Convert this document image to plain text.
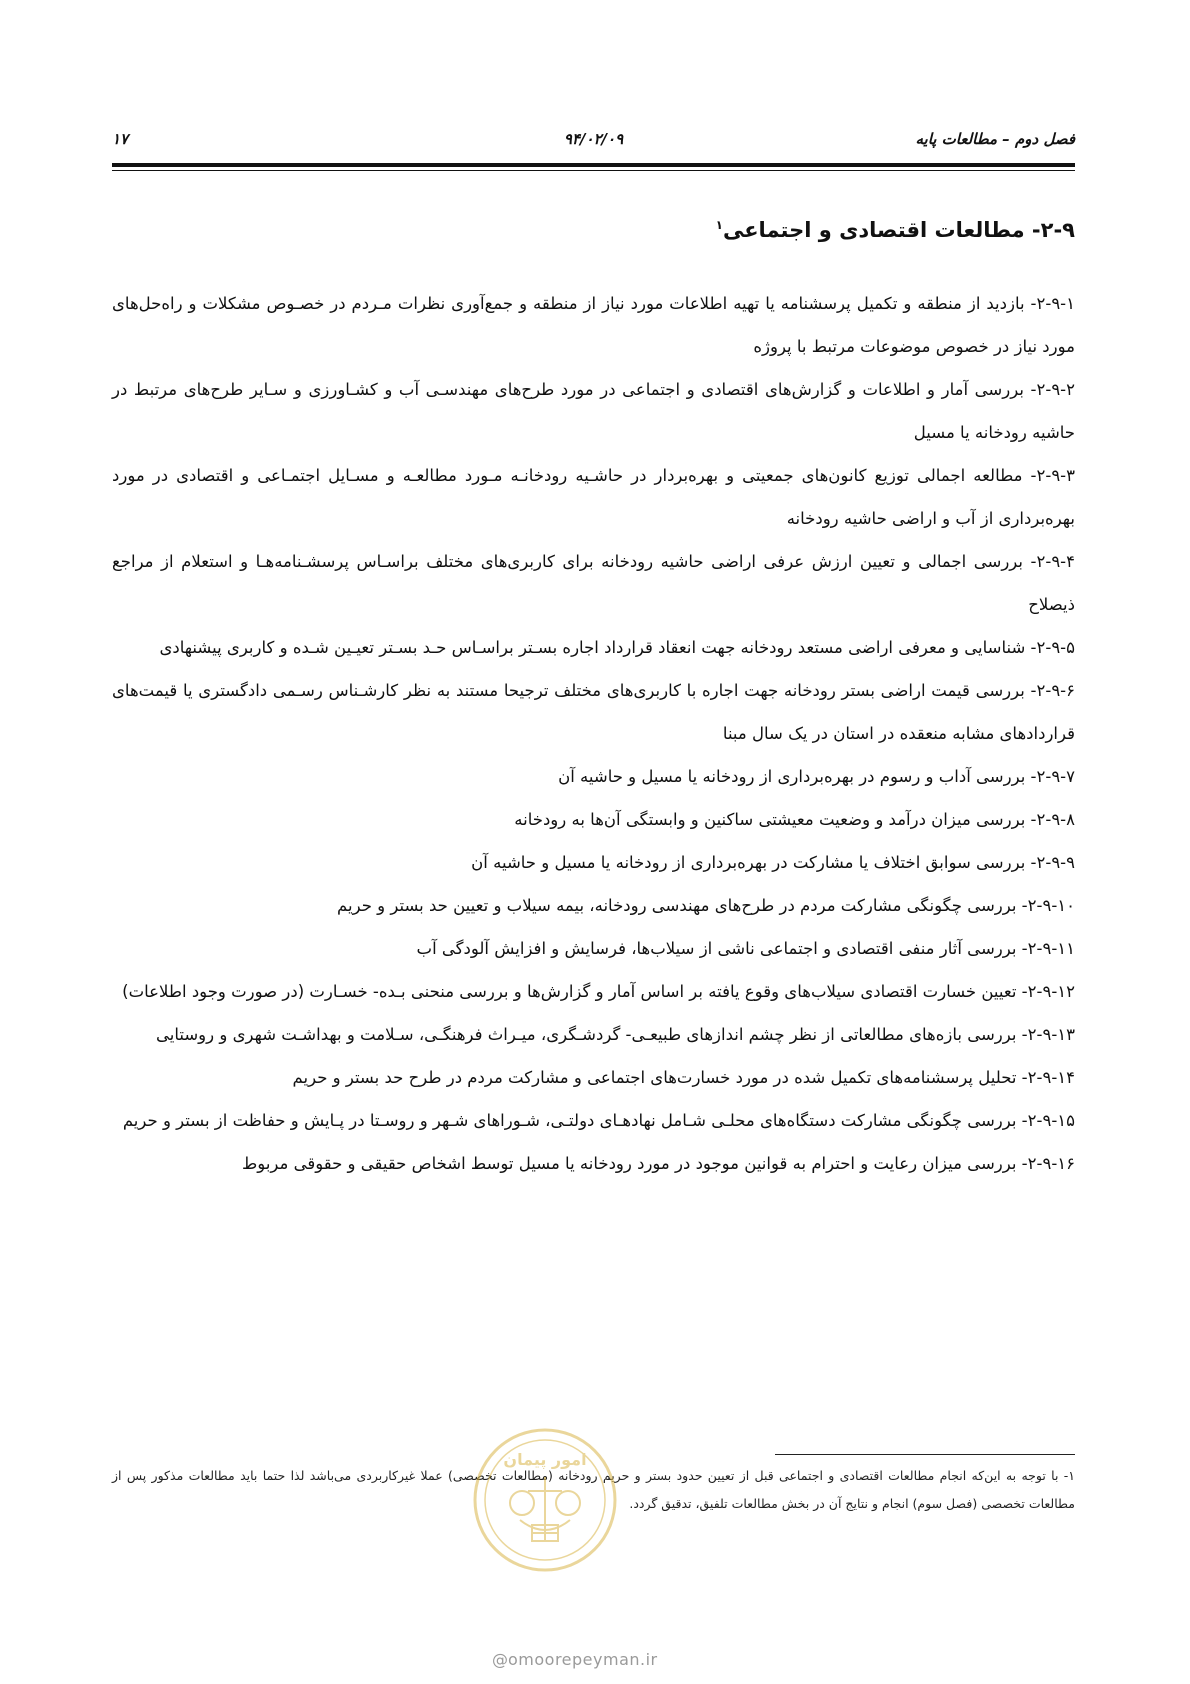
فصل دوم – مطالعات پایه
۹۴/۰۲/۰۹
۱۷
۲-۹- مطالعات اقتصادی و اجتماعی$^۱$

۲-۹-۱- بازدید از منطقه و تکمیل پرسشنامه یا تهیه اطلاعات مورد نیاز از منطقه و جمع‌آوری نظرات مـردم در خصـوص مشکلات و راه‌حل‌های مورد نیاز در خصوص موضوعات مرتبط با پروژه

۲-۹-۲- بررسی آمار و اطلاعات و گزارش‌های اقتصادی و اجتماعی در مورد طرح‌های مهندسـی آب و کشـاورزی و سـایر طرح‌های مرتبط در حاشیه رودخانه یا مسیل

۲-۹-۳- مطالعه اجمالی توزیع کانون‌های جمعیتی و بهره‌بردار در حاشـیه رودخانـه مـورد مطالعـه و مسـایل اجتمـاعی و اقتصادی در مورد بهره‌برداری از آب و اراضی حاشیه رودخانه

۲-۹-۴- بررسی اجمالی و تعیین ارزش عرفی اراضی حاشیه رودخانه برای کاربری‌های مختلف براسـاس پرسشـنامه‌هـا و استعلام از مراجع ذیصلاح

۲-۹-۵- شناسایی و معرفی اراضی مستعد رودخانه جهت انعقاد قرارداد اجاره بسـتر براسـاس حـد بسـتر تعیـین شـده و کاربری پیشنهادی

۲-۹-۶- بررسی قیمت اراضی بستر رودخانه جهت اجاره با کاربری‌های مختلف ترجیحا مستند به نظر کارشـناس رسـمی دادگستری یا قیمت‌های قراردادهای مشابه منعقده در استان در یک سال مبنا

۲-۹-۷- بررسی آداب و رسوم در بهره‌برداری از رودخانه یا مسیل و حاشیه آن

۲-۹-۸- بررسی میزان درآمد و وضعیت معیشتی ساکنین و وابستگی آن‌ها به رودخانه

۲-۹-۹- بررسی سوابق اختلاف یا مشارکت در بهره‌برداری از رودخانه یا مسیل و حاشیه آن

۲-۹-۱۰- بررسی چگونگی مشارکت مردم در طرح‌های مهندسی رودخانه، بیمه سیلاب و تعیین حد بستر و حریم

۲-۹-۱۱- بررسی آثار منفی اقتصادی و اجتماعی ناشی از سیلاب‌ها، فرسایش و افزایش آلودگی آب

۲-۹-۱۲- تعیین خسارت اقتصادی سیلاب‌های وقوع یافته بر اساس آمار و گزارش‌ها و بررسی منحنی بـده- خسـارت (در صورت وجود اطلاعات)

۲-۹-۱۳- بررسی بازه‌های مطالعاتی از نظر چشم اندازهای طبیعـی- گردشـگری، میـراث فرهنگـی، سـلامت و بهداشـت شهری و روستایی

۲-۹-۱۴- تحلیل پرسشنامه‌های تکمیل شده در مورد خسارت‌های اجتماعی و مشارکت مردم در طرح حد بستر و حریم

۲-۹-۱۵- بررسی چگونگی مشارکت دستگاه‌های محلـی شـامل نهادهـای دولتـی، شـوراهای شـهر و روسـتا در پـایش و حفاظت از بستر و حریم

۲-۹-۱۶- بررسی میزان رعایت و احترام به قوانین موجود در مورد رودخانه یا مسیل توسط اشخاص حقیقی و حقوقی مربوط

۱- با توجه به این‌که انجام مطالعات اقتصادی و اجتماعی قبل از تعیین حدود بستر و حریم رودخانه (مطالعات تخصصی) عملا غیرکاربردی می‌باشد لذا حتما باید مطالعات مذکور پس از مطالعات تخصصی (فصل سوم) انجام و نتایج آن در بخش مطالعات تلفیق، تدقیق گردد.
امور پیمان
@omoorepeyman.ir
